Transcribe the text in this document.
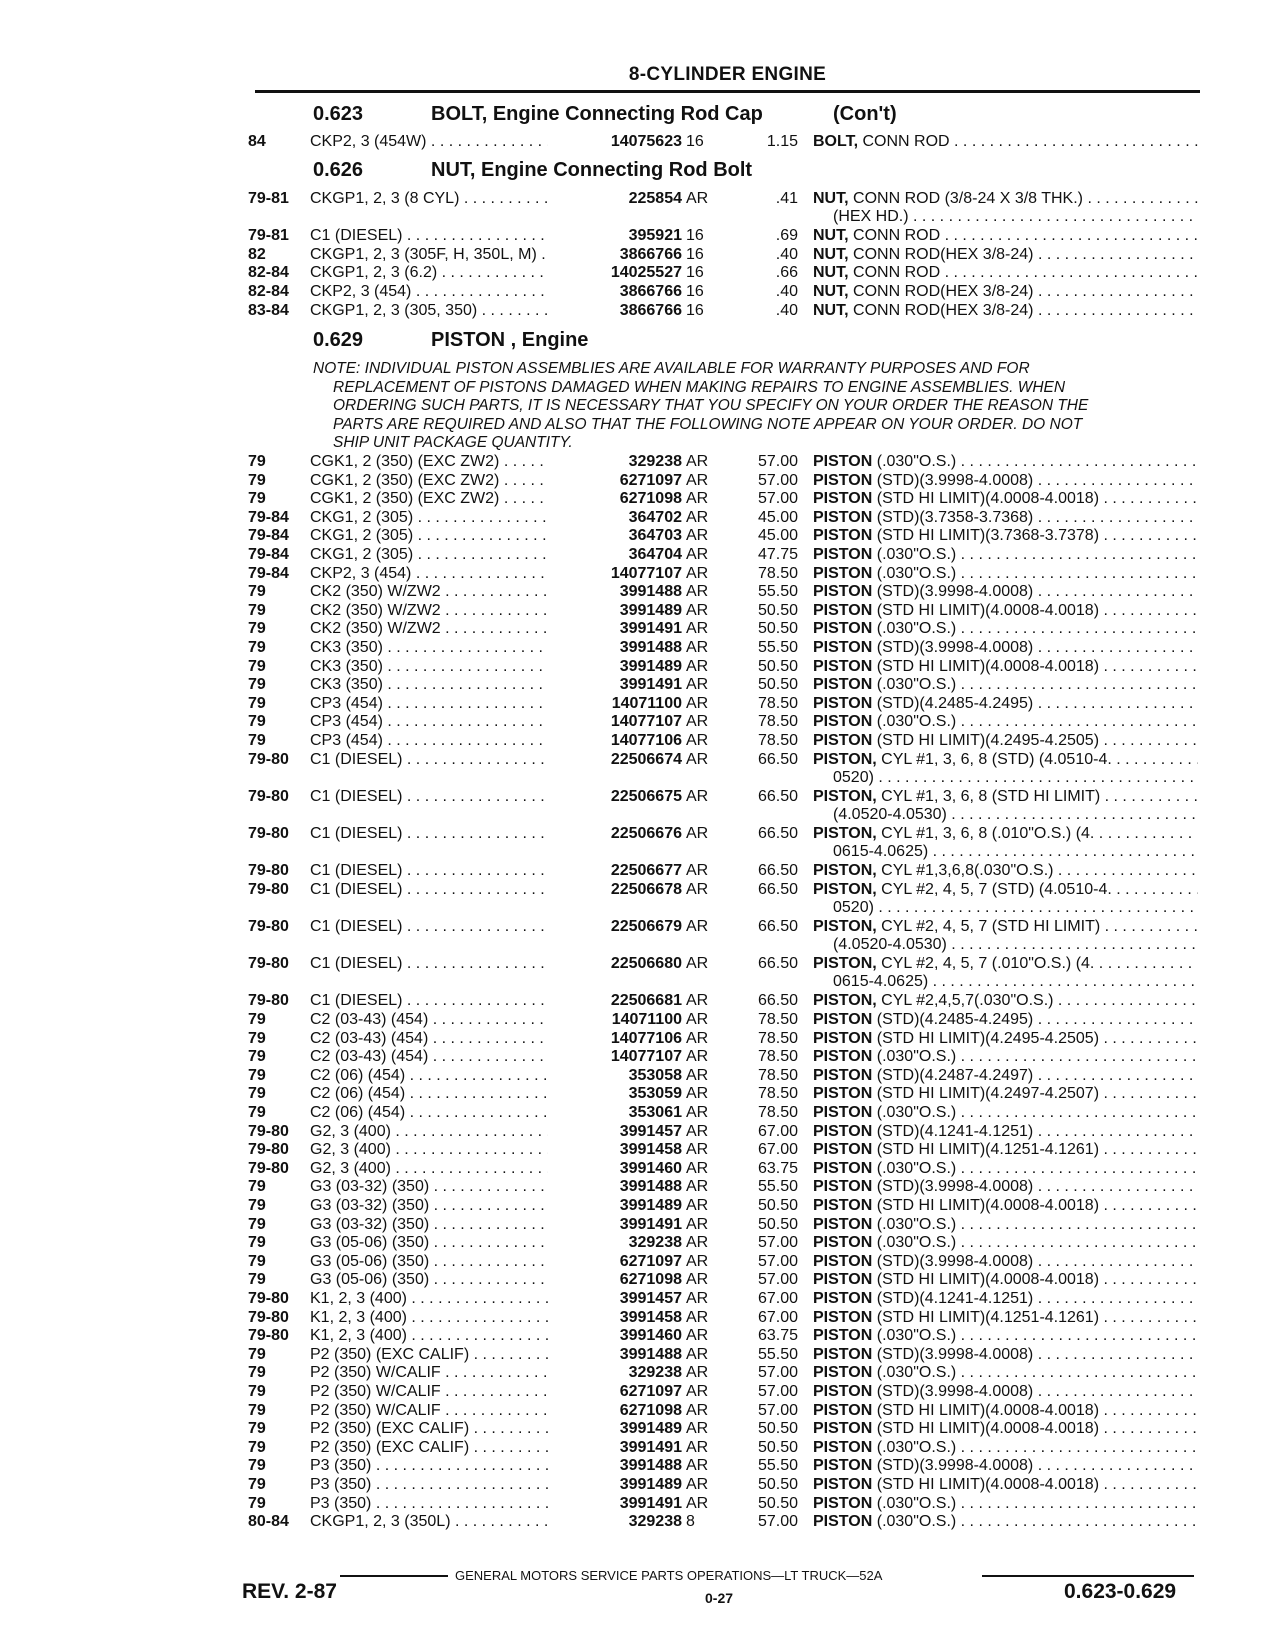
8-CYLINDER ENGINE
0.623	BOLT, Engine Connecting Rod Cap	(Con't)
84	CKP2, 3 (454W) . . .	14075623 16	1.15 BOLT, CONN ROD . . .
0.626	NUT, Engine Connecting Rod Bolt
79-81 CKGP1, 2, 3 (8 CYL) . . .	225854 AR	.41 NUT, CONN ROD (3/8-24 X 3/8 THK.) . . .
(HEX HD.) . . .
79-81 C1 (DIESEL) . . .	395921 16	.69 NUT, CONN ROD . . .
82	CKGP1, 2, 3 (305F, H, 350L, M) . . .	3866766 16	.40 NUT, CONN ROD(HEX 3/8-24) . . .
82-84 CKGP1, 2, 3 (6.2) . . .	14025527 16	.66 NUT, CONN ROD . . .
82-84 CKP2, 3 (454) . . .	3866766 16	.40 NUT, CONN ROD(HEX 3/8-24) . . .
83-84 CKGP1, 2, 3 (305, 350) . . .	3866766 16	.40 NUT, CONN ROD(HEX 3/8-24) . . .
0.629	PISTON , Engine
NOTE: INDIVIDUAL PISTON ASSEMBLIES ARE AVAILABLE FOR WARRANTY PURPOSES AND FOR
REPLACEMENT OF PISTONS DAMAGED WHEN MAKING REPAIRS TO ENGINE ASSEMBLIES. WHEN
ORDERING SUCH PARTS, IT IS NECESSARY THAT YOU SPECIFY ON YOUR ORDER THE REASON THE
PARTS ARE REQUIRED AND ALSO THAT THE FOLLOWING NOTE APPEAR ON YOUR ORDER. DO NOT
SHIP UNIT PACKAGE QUANTITY.
79	CGK1, 2 (350) (EXC ZW2) . . .	329238 AR	57.00 PISTON (.030"O.S.) . . .
79	CGK1, 2 (350) (EXC ZW2) . . .	6271097 AR	57.00 PISTON (STD)(3.9998-4.0008) . . .
79	CGK1, 2 (350) (EXC ZW2) . . .	6271098 AR	57.00 PISTON (STD HI LIMIT)(4.0008-4.0018) . . .
79-84 CKG1, 2 (305) . . .	364702 AR	45.00 PISTON (STD)(3.7358-3.7368) . . .
79-84 CKG1, 2 (305) . . .	364703 AR	45.00 PISTON (STD HI LIMIT)(3.7368-3.7378) . . .
79-84 CKG1, 2 (305) . . .	364704 AR	47.75 PISTON (.030"O.S.) . . .
79-84 CKP2, 3 (454) . . .	14077107 AR	78.50 PISTON (.030"O.S.) . . .
79	CK2 (350) W/ZW2 . . .	3991488 AR	55.50 PISTON (STD)(3.9998-4.0008) . . .
79	CK2 (350) W/ZW2 . . .	3991489 AR	50.50 PISTON (STD HI LIMIT)(4.0008-4.0018) . . .
79	CK2 (350) W/ZW2 . . .	3991491 AR	50.50 PISTON (.030"O.S.) . . .
79	CK3 (350) . . .	3991488 AR	55.50 PISTON (STD)(3.9998-4.0008) . . .
79	CK3 (350) . . .	3991489 AR	50.50 PISTON (STD HI LIMIT)(4.0008-4.0018) . . .
79	CK3 (350) . . .	3991491 AR	50.50 PISTON (.030"O.S.) . . .
79	CP3 (454) . . .	14071100 AR	78.50 PISTON (STD)(4.2485-4.2495) . . .
79	CP3 (454) . . .	14077107 AR	78.50 PISTON (.030"O.S.) . . .
79	CP3 (454) . . .	14077106 AR	78.50 PISTON (STD HI LIMIT)(4.2495-4.2505) . . .
79-80 C1 (DIESEL) . . .	22506674 AR	66.50 PISTON, CYL #1, 3, 6, 8 (STD) (4.0510-4. . . .
0520) . . .
79-80 C1 (DIESEL) . . .	22506675 AR	66.50 PISTON, CYL #1, 3, 6, 8 (STD HI LIMIT) . . .
(4.0520-4.0530) . . .
79-80 C1 (DIESEL) . . .	22506676 AR	66.50 PISTON, CYL #1, 3, 6, 8 (.010"O.S.) (4. . . .
0615-4.0625) . . .
79-80 C1 (DIESEL) . . .	22506677 AR	66.50 PISTON, CYL #1,3,6,8(.030"O.S.) . . .
79-80 C1 (DIESEL) . . .	22506678 AR	66.50 PISTON, CYL #2, 4, 5, 7 (STD) (4.0510-4. . . .
0520) . . .
79-80 C1 (DIESEL) . . .	22506679 AR	66.50 PISTON, CYL #2, 4, 5, 7 (STD HI LIMIT) . . .
(4.0520-4.0530) . . .
79-80 C1 (DIESEL) . . .	22506680 AR	66.50 PISTON, CYL #2, 4, 5, 7 (.010"O.S.) (4. . . .
0615-4.0625) . . .
79-80 C1 (DIESEL) . . .	22506681 AR	66.50 PISTON, CYL #2,4,5,7(.030"O.S.) . . .
79	C2 (03-43) (454) . . .	14071100 AR	78.50 PISTON (STD)(4.2485-4.2495) . . .
79	C2 (03-43) (454) . . .	14077106 AR	78.50 PISTON (STD HI LIMIT)(4.2495-4.2505) . . .
79	C2 (03-43) (454) . . .	14077107 AR	78.50 PISTON (.030"O.S.) . . .
79	C2 (06) (454) . . .	353058 AR	78.50 PISTON (STD)(4.2487-4.2497) . . .
79	C2 (06) (454) . . .	353059 AR	78.50 PISTON (STD HI LIMIT)(4.2497-4.2507) . . .
79	C2 (06) (454) . . .	353061 AR	78.50 PISTON (.030"O.S.) . . .
79-80 G2, 3 (400) . . .	3991457 AR	67.00 PISTON (STD)(4.1241-4.1251) . . .
79-80 G2, 3 (400) . . .	3991458 AR	67.00 PISTON (STD HI LIMIT)(4.1251-4.1261) . . .
79-80 G2, 3 (400) . . .	3991460 AR	63.75 PISTON (.030"O.S.) . . .
79	G3 (03-32) (350) . . .	3991488 AR	55.50 PISTON (STD)(3.9998-4.0008) . . .
79	G3 (03-32) (350) . . .	3991489 AR	50.50 PISTON (STD HI LIMIT)(4.0008-4.0018) . . .
79	G3 (03-32) (350) . . .	3991491 AR	50.50 PISTON (.030"O.S.) . . .
79	G3 (05-06) (350) . . .	329238 AR	57.00 PISTON (.030"O.S.) . . .
79	G3 (05-06) (350) . . .	6271097 AR	57.00 PISTON (STD)(3.9998-4.0008) . . .
79	G3 (05-06) (350) . . .	6271098 AR	57.00 PISTON (STD HI LIMIT)(4.0008-4.0018) . . .
79-80 K1, 2, 3 (400) . . .	3991457 AR	67.00 PISTON (STD)(4.1241-4.1251) . . .
79-80 K1, 2, 3 (400) . . .	3991458 AR	67.00 PISTON (STD HI LIMIT)(4.1251-4.1261) . . .
79-80 K1, 2, 3 (400) . . .	3991460 AR	63.75 PISTON (.030"O.S.) . . .
79	P2 (350) (EXC CALIF) . . .	3991488 AR	55.50 PISTON (STD)(3.9998-4.0008) . . .
79	P2 (350) W/CALIF . . .	329238 AR	57.00 PISTON (.030"O.S.) . . .
79	P2 (350) W/CALIF . . .	6271097 AR	57.00 PISTON (STD)(3.9998-4.0008) . . .
79	P2 (350) W/CALIF . . .	6271098 AR	57.00 PISTON (STD HI LIMIT)(4.0008-4.0018) . . .
79	P2 (350) (EXC CALIF) . . .	3991489 AR	50.50 PISTON (STD HI LIMIT)(4.0008-4.0018) . . .
79	P2 (350) (EXC CALIF) . . .	3991491 AR	50.50 PISTON (.030"O.S.) . . .
79	P3 (350) . . .	3991488 AR	55.50 PISTON (STD)(3.9998-4.0008) . . .
79	P3 (350) . . .	3991489 AR	50.50 PISTON (STD HI LIMIT)(4.0008-4.0018) . . .
79	P3 (350) . . .	3991491 AR	50.50 PISTON (.030"O.S.) . . .
80-84 CKGP1, 2, 3 (350L) . . .	329238 8	57.00 PISTON (.030"O.S.) . . .
GENERAL MOTORS SERVICE PARTS OPERATIONS—LT TRUCK—52A
REV. 2-87	0-27	0.623-0.629
